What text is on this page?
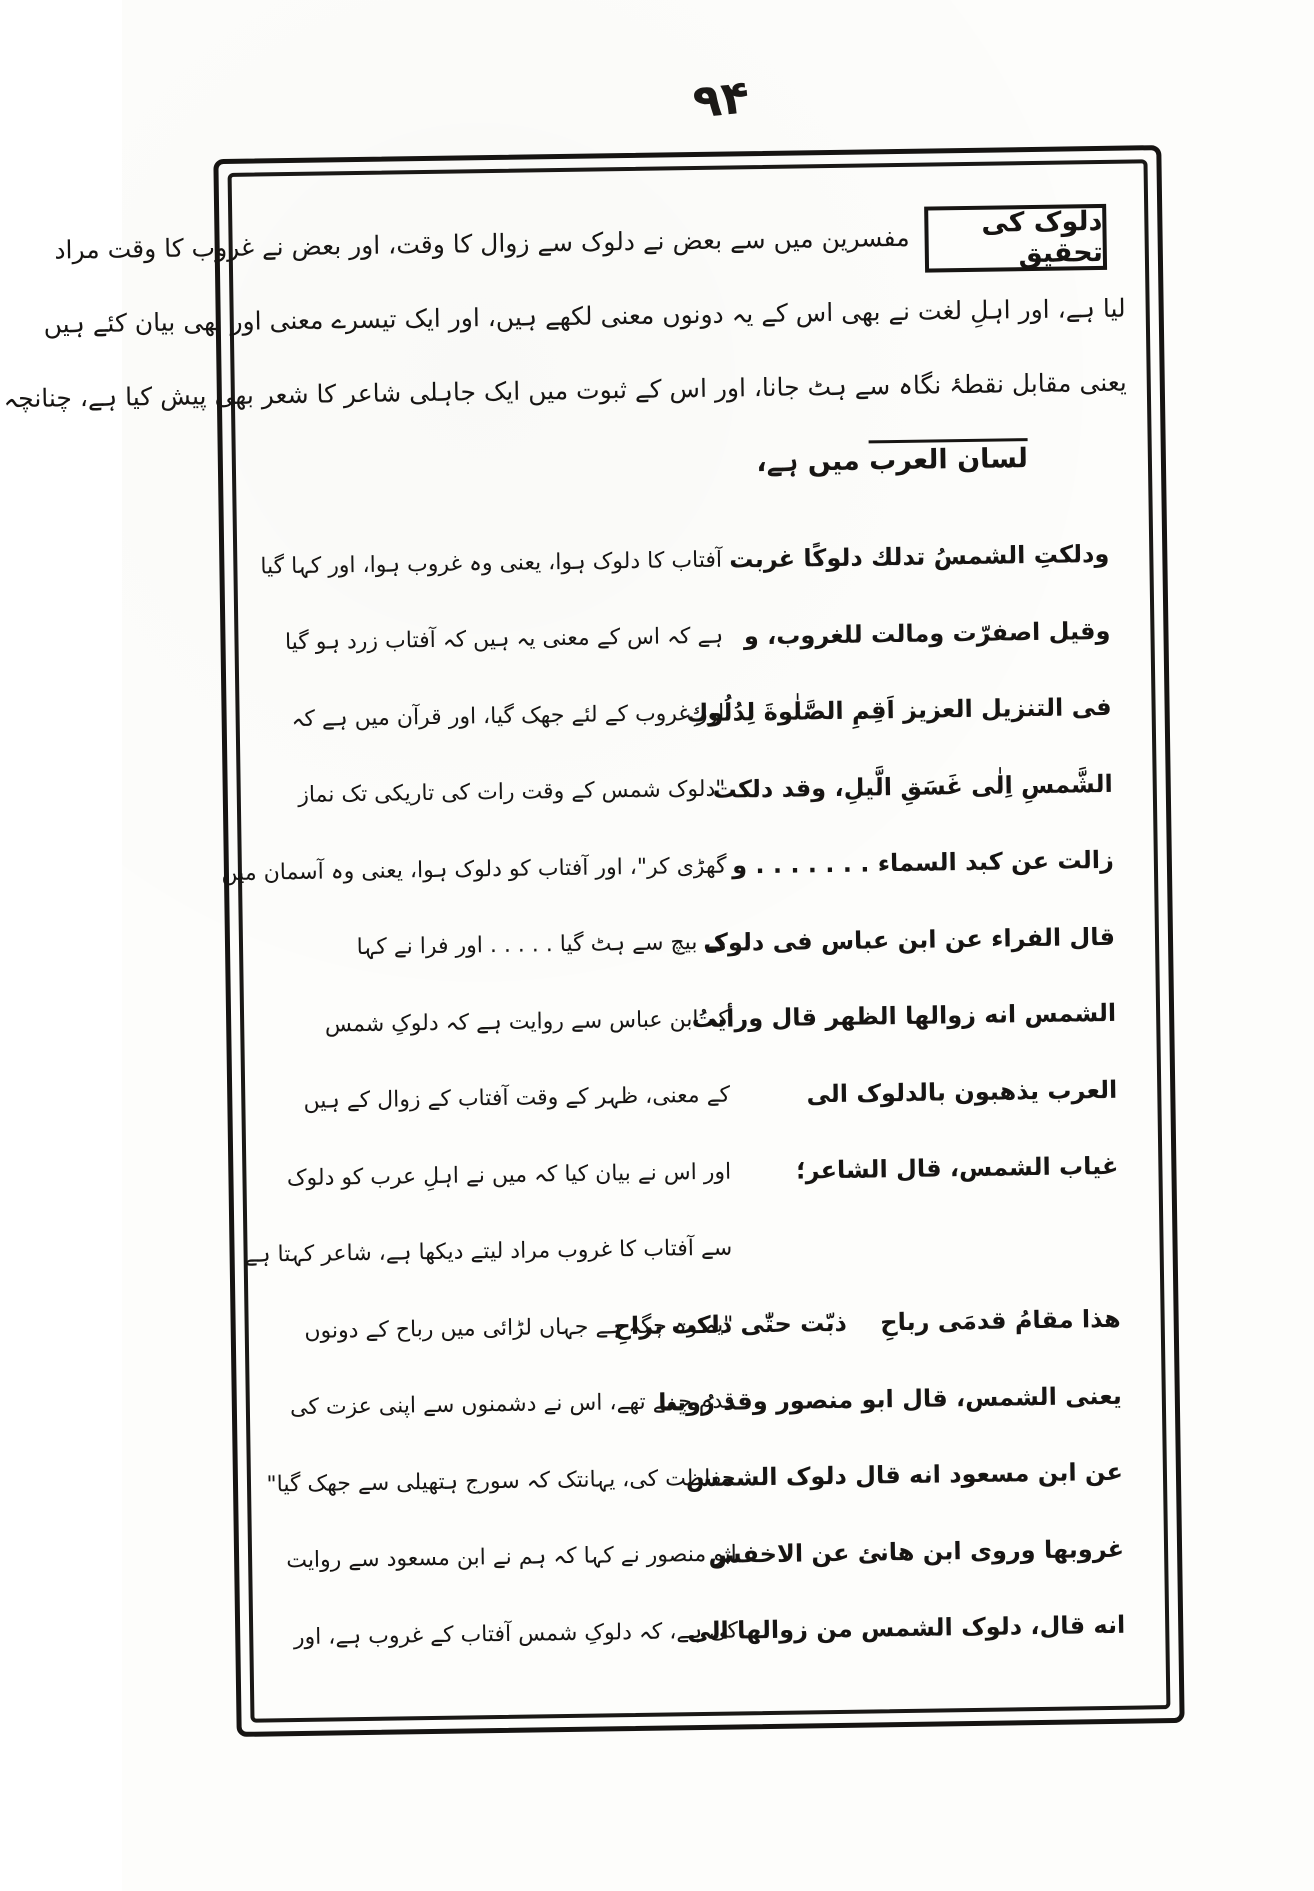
۹۴
دلوک کی تحقیق
مفسرین میں سے بعض نے دلوک سے زوال کا وقت، اور بعض نے غروب کا وقت مراد
لیا ہے، اور اہلِ لغت نے بھی اس کے یہ دونوں معنی لکھے ہیں، اور ایک تیسرے معنی اور بھی بیان کئے ہیں
یعنی مقابل نقطۂ نگاہ سے ہٹ جانا، اور اس کے ثبوت میں ایک جاہلی شاعر کا شعر بھی پیش کیا ہے، چنانچہ
لسان العرب میں ہے،
ودلکتِ الشمسُ تدلك دلوكًا غربت
آفتاب کا دلوک ہوا، یعنی وہ غروب ہوا، اور کہا گیا
وقیل اصفرّت ومالت للغروب، و
ہے کہ اس کے معنی یہ ہیں کہ آفتاب زرد ہو گیا
فی التنزیل العزیز اَقِمِ الصَّلٰوةَ لِدُلُوكِ
اور غروب کے لئے جھک گیا، اور قرآن میں ہے کہ
الشَّمسِ اِلٰی غَسَقِ الَّیلِ، وقد دلكت
"دلوک شمس کے وقت رات کی تاریکی تک نماز
زالت عن کبد السماء . . . . . . . و
گھڑی کر"، اور آفتاب کو دلوک ہوا، یعنی وہ آسمان میں
قال الفراء عن ابن عباس فی دلوک
کے بیچ سے ہٹ گیا . . . . . اور فرا نے کہا
الشمس انه زوالها الظهر قال ورأیتُ
کہ ابن عباس سے روایت ہے کہ دلوکِ شمس
العرب یذهبون بالدلوک الی
کے معنی، ظہر کے وقت آفتاب کے زوال کے ہیں
غیاب الشمس، قال الشاعر؛
اور اس نے بیان کیا کہ میں نے اہلِ عرب کو دلوک
سے آفتاب کا غروب مراد لیتے دیکھا ہے، شاعر کہتا ہے
هذا مقامُ قدمَی رباحِ    ذبّت حتّٰی دلکت براحِ
"یہ وہ جگہ ہے جہاں لڑائی میں رباح کے دونوں
یعنی الشمس، قال ابو منصور وقد رُوینا
قدم جمے تھے، اس نے دشمنوں سے اپنی عزت کی
عن ابن مسعود انه قال دلوک الشمس
حفاظت کی، یہانتک کہ سورج ہتھیلی سے جھک گیا"
غروبها وروی ابن هانئ عن الاخفش
ابو منصور نے کہا کہ ہم نے ابن مسعود سے روایت
انه قال، دلوک الشمس من زوالها الی
کی ہے، کہ دلوکِ شمس آفتاب کے غروب ہے، اور
